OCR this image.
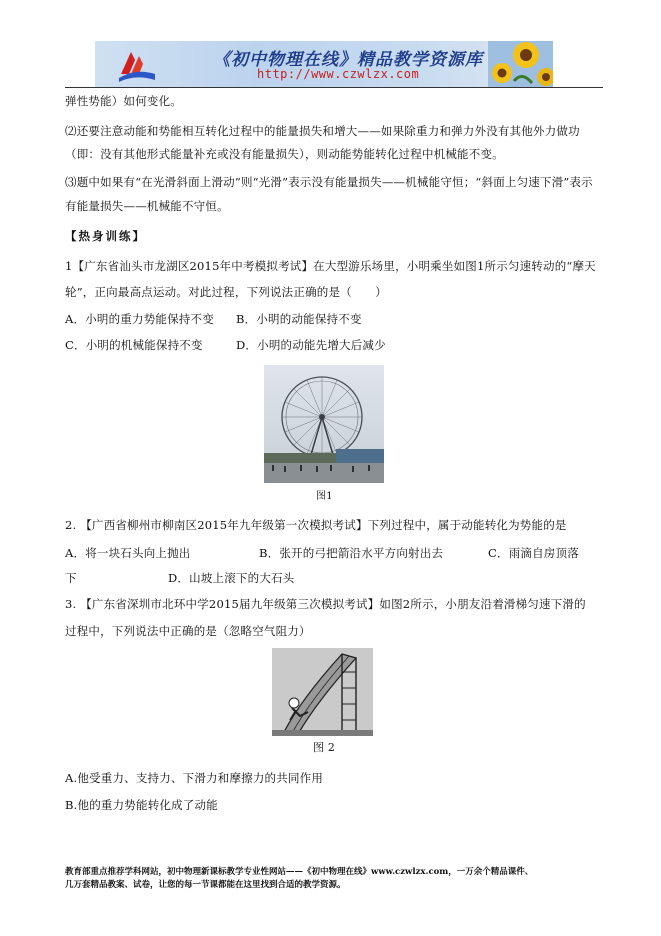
《初中物理在线》精品教学资源库
http://www.czwlzx.com
弹性势能）如何变化。
⑵还要注意动能和势能相互转化过程中的能量损失和增大——如果除重力和弹力外没有其他外力做功
（即：没有其他形式能量补充或没有能量损失），则动能势能转化过程中机械能不变。
⑶题中如果有“在光滑斜面上滑动”则“光滑”表示没有能量损失——机械能守恒；“斜面上匀速下滑”表示
有能量损失——机械能不守恒。
【热身训练】
1【广东省汕头市龙湖区2015年中考模拟考试】在大型游乐场里，小明乘坐如图1所示匀速转动的“摩天
轮”，正向最高点运动。对此过程，下列说法正确的是（　　）
A．小明的重力势能保持不变 B．小明的动能保持不变
C．小明的机械能保持不变	D．小明的动能先增大后减少
图1
2. 【广西省柳州市柳南区2015年九年级第一次模拟考试】下列过程中，属于动能转化为势能的是
A．将一块石头向上抛出	B．张开的弓把箭沿水平方向射出去	C．雨滴自房顶落
下	D．山坡上滚下的大石头
3. 【广东省深圳市北环中学2015届九年级第三次模拟考试】如图2所示，小朋友沿着滑梯匀速下滑的
过程中，下列说法中正确的是（忽略空气阻力）
图 2
A.他受重力、支持力、下滑力和摩擦力的共同作用
B.他的重力势能转化成了动能
教育部重点推荐学科网站，初中物理新课标教学专业性网站——《初中物理在线》www.czwlzx.com，一万余个精品课件、
几万套精品教案、试卷，让您的每一节课都能在这里找到合适的教学资源。
